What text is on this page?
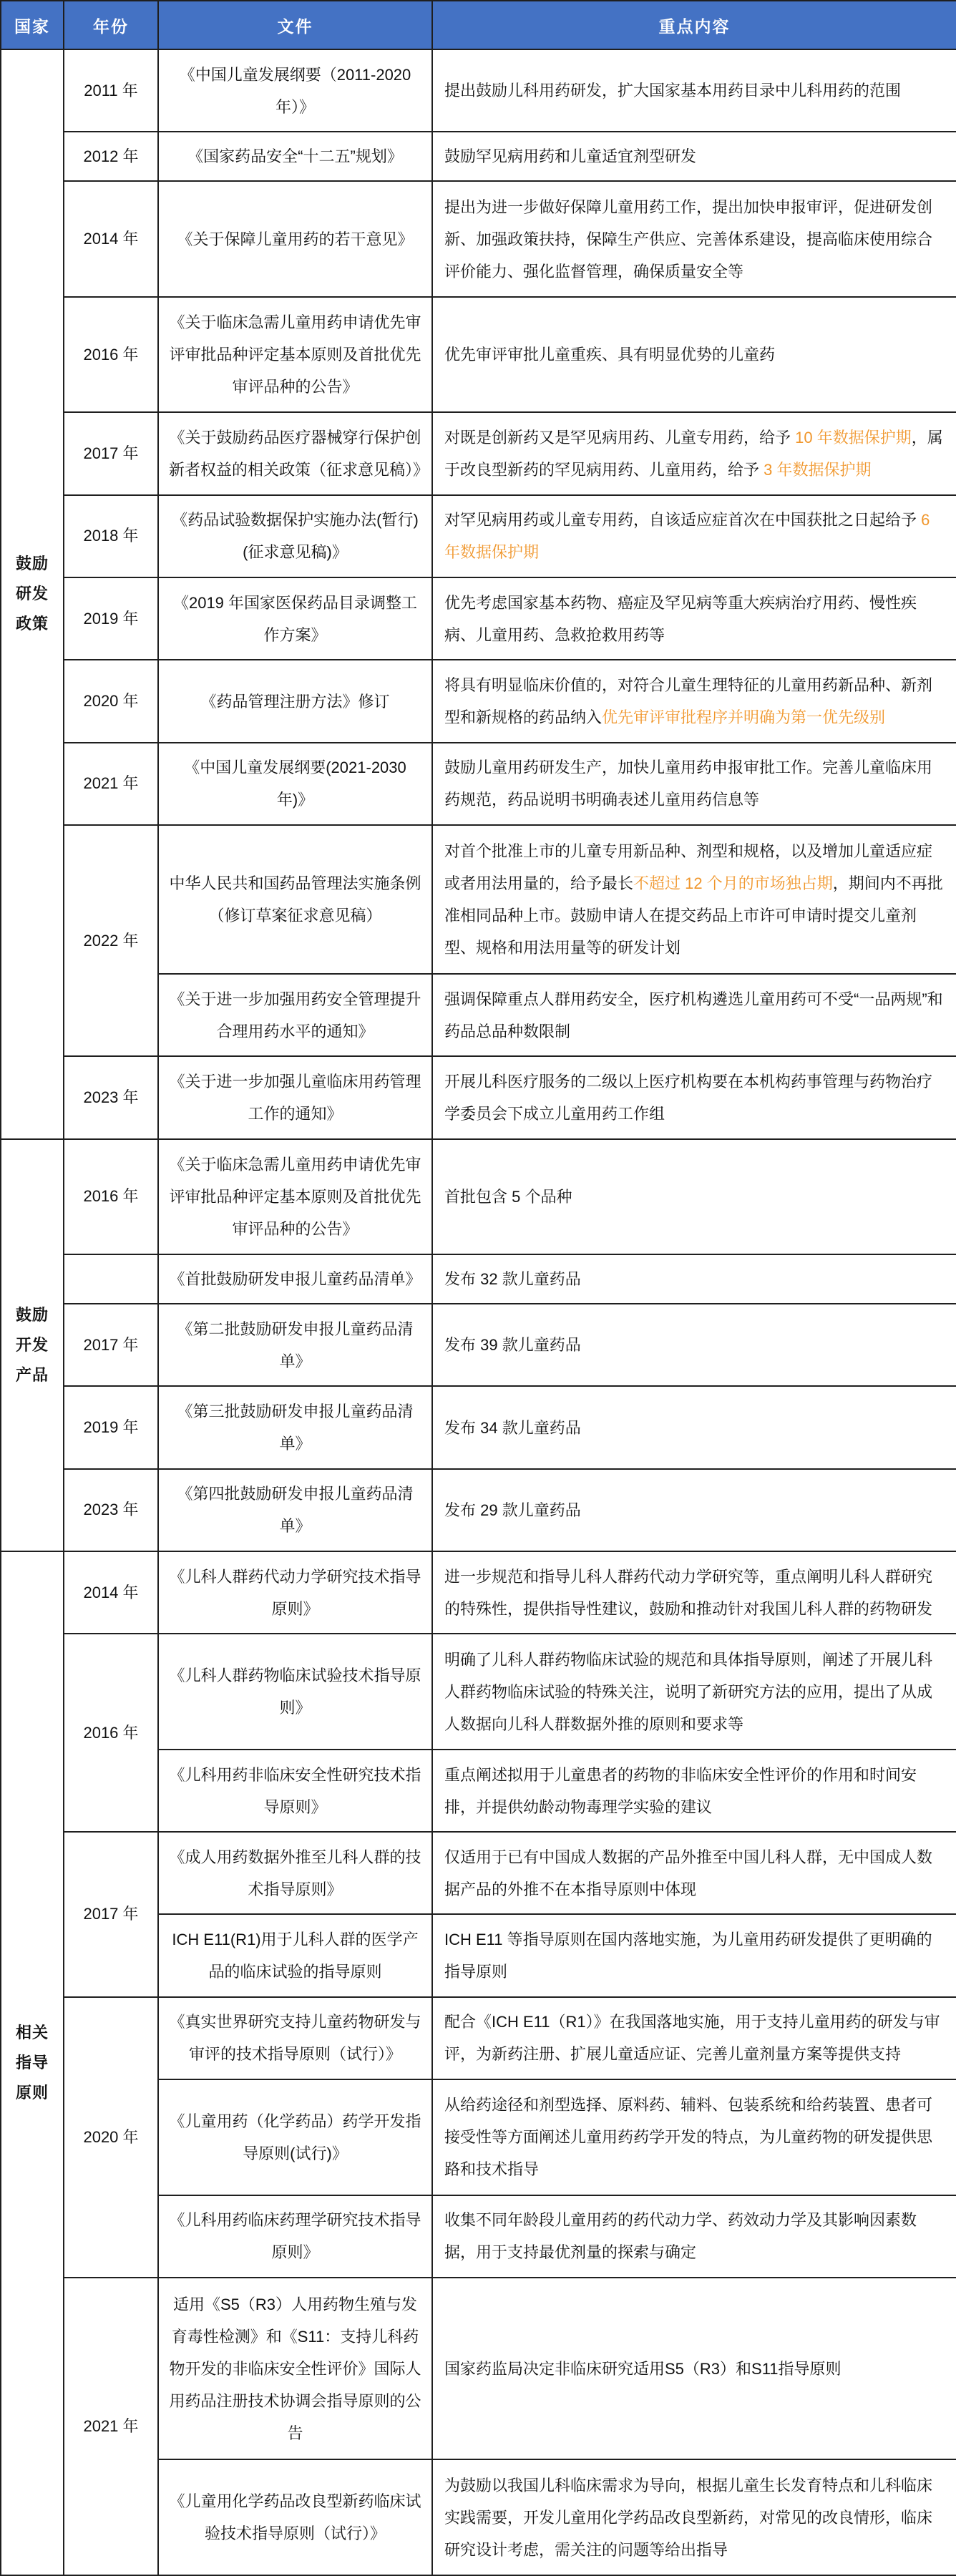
国家	年份	文件	重点内容
鼓励研发政策	2011 年	《中国儿童发展纲要（2011-2020 年）》	提出鼓励儿科用药研发，扩大国家基本用药目录中儿科用药的范围
	2012 年	《国家药品安全“十二五”规划》	鼓励罕见病用药和儿童适宜剂型研发
	2014 年	《关于保障儿童用药的若干意见》	提出为进一步做好保障儿童用药工作，提出加快申报审评，促进研发创新、加强政策扶持，保障生产供应、完善体系建设，提高临床使用综合评价能力、强化监督管理，确保质量安全等
	2016 年	《关于临床急需儿童用药申请优先审评审批品种评定基本原则及首批优先审评品种的公告》	优先审评审批儿童重疾、具有明显优势的儿童药
	2017 年	《关于鼓励药品医疗器械穿行保护创新者权益的相关政策（征求意见稿）》	对既是创新药又是罕见病用药、儿童专用药，给予 10 年数据保护期，属于改良型新药的罕见病用药、儿童用药，给予 3 年数据保护期
	2018 年	《药品试验数据保护实施办法(暂行)(征求意见稿)》	对罕见病用药或儿童专用药，自该适应症首次在中国获批之日起给予 6 年数据保护期
	2019 年	《2019 年国家医保药品目录调整工作方案》	优先考虑国家基本药物、癌症及罕见病等重大疾病治疗用药、慢性疾病、儿童用药、急救抢救用药等
	2020 年	《药品管理注册方法》修订	将具有明显临床价值的，对符合儿童生理特征的儿童用药新品种、新剂型和新规格的药品纳入优先审评审批程序并明确为第一优先级别
	2021 年	《中国儿童发展纲要(2021-2030 年)》	鼓励儿童用药研发生产，加快儿童用药申报审批工作。完善儿童临床用药规范，药品说明书明确表述儿童用药信息等
	2022 年	中华人民共和国药品管理法实施条例（修订草案征求意见稿）	对首个批准上市的儿童专用新品种、剂型和规格，以及增加儿童适应症或者用法用量的，给予最长不超过 12 个月的市场独占期，期间内不再批准相同品种上市。鼓励申请人在提交药品上市许可申请时提交儿童剂型、规格和用法用量等的研发计划
		《关于进一步加强用药安全管理提升合理用药水平的通知》	强调保障重点人群用药安全，医疗机构遴选儿童用药可不受“一品两规”和药品总品种数限制
	2023 年	《关于进一步加强儿童临床用药管理工作的通知》	开展儿科医疗服务的二级以上医疗机构要在本机构药事管理与药物治疗学委员会下成立儿童用药工作组
鼓励开发产品	2016 年	《关于临床急需儿童用药申请优先审评审批品种评定基本原则及首批优先审评品种的公告》	首批包含 5 个品种
		《首批鼓励研发申报儿童药品清单》	发布 32 款儿童药品
	2017 年	《第二批鼓励研发申报儿童药品清单》	发布 39 款儿童药品
	2019 年	《第三批鼓励研发申报儿童药品清单》	发布 34 款儿童药品
	2023 年	《第四批鼓励研发申报儿童药品清单》	发布 29 款儿童药品
相关指导原则	2014 年	《儿科人群药代动力学研究技术指导原则》	进一步规范和指导儿科人群药代动力学研究等，重点阐明儿科人群研究的特殊性，提供指导性建议，鼓励和推动针对我国儿科人群的药物研发
	2016 年	《儿科人群药物临床试验技术指导原则》	明确了儿科人群药物临床试验的规范和具体指导原则，阐述了开展儿科人群药物临床试验的特殊关注，说明了新研究方法的应用，提出了从成人数据向儿科人群数据外推的原则和要求等
		《儿科用药非临床安全性研究技术指导原则》	重点阐述拟用于儿童患者的药物的非临床安全性评价的作用和时间安排，并提供幼龄动物毒理学实验的建议
	2017 年	《成人用药数据外推至儿科人群的技术指导原则》	仅适用于已有中国成人数据的产品外推至中国儿科人群，无中国成人数据产品的外推不在本指导原则中体现
		ICH E11(R1)用于儿科人群的医学产品的临床试验的指导原则	ICH E11 等指导原则在国内落地实施，为儿童用药研发提供了更明确的指导原则
	2020 年	《真实世界研究支持儿童药物研发与审评的技术指导原则（试行）》	配合《ICH E11（R1）》在我国落地实施，用于支持儿童用药的研发与审评，为新药注册、扩展儿童适应证、完善儿童剂量方案等提供支持
		《儿童用药（化学药品）药学开发指导原则(试行)》	从给药途径和剂型选择、原料药、辅料、包装系统和给药装置、患者可接受性等方面阐述儿童用药药学开发的特点，为儿童药物的研发提供思路和技术指导
		《儿科用药临床药理学研究技术指导原则》	收集不同年龄段儿童用药的药代动力学、药效动力学及其影响因素数据，用于支持最优剂量的探索与确定
	2021 年	适用《S5（R3）人用药物生殖与发育毒性检测》和《S11：支持儿科药物开发的非临床安全性评价》国际人用药品注册技术协调会指导原则的公告	国家药监局决定非临床研究适用S5（R3）和S11指导原则
		《儿童用化学药品改良型新药临床试验技术指导原则（试行）》	为鼓励以我国儿科临床需求为导向，根据儿童生长发育特点和儿科临床实践需要，开发儿童用化学药品改良型新药，对常见的改良情形，临床研究设计考虑，需关注的问题等给出指导
